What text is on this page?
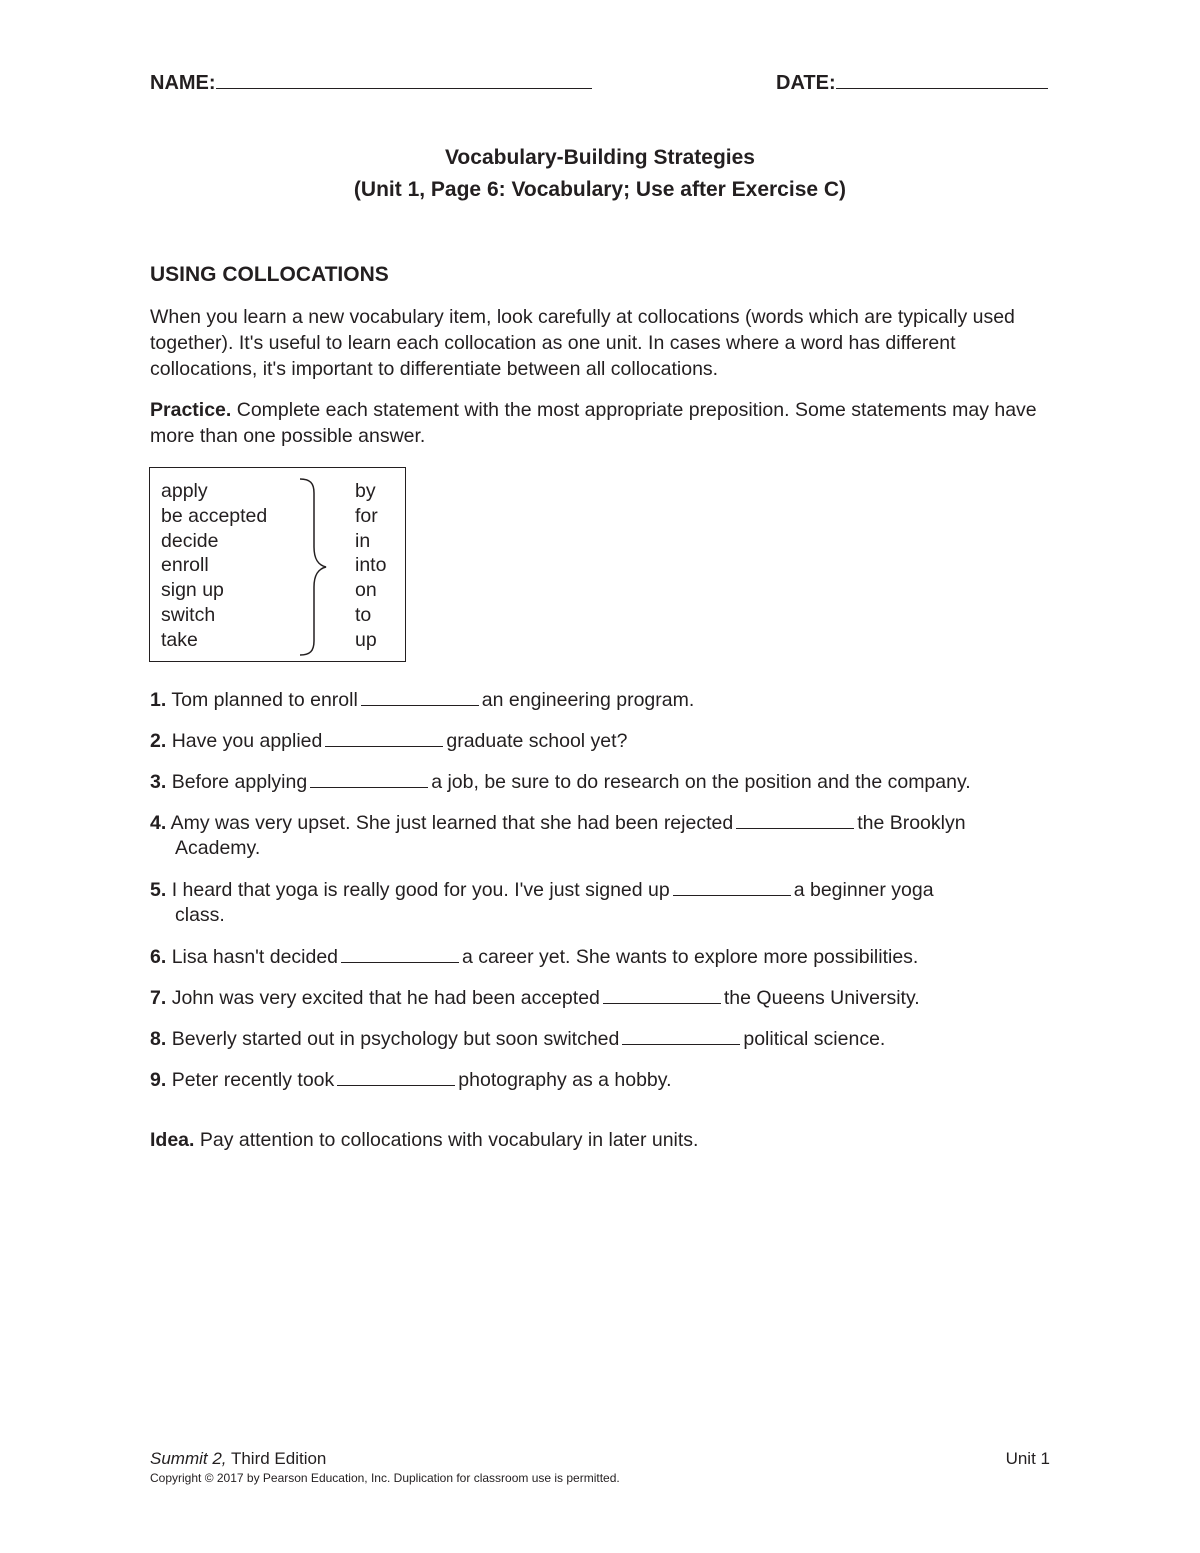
NAME:	DATE:
Vocabulary-Building Strategies
(Unit 1, Page 6: Vocabulary; Use after Exercise C)
USING COLLOCATIONS
When you learn a new vocabulary item, look carefully at collocations (words which are typically used together). It's useful to learn each collocation as one unit. In cases where a word has different collocations, it's important to differentiate between all collocations.
Practice. Complete each statement with the most appropriate preposition. Some statements may have more than one possible answer.
apply
be accepted
decide
enroll
sign up
switch
take
by
for
in
into
on
to
up
1. Tom planned to enroll	an engineering program.
2. Have you applied	graduate school yet?
3. Before applying	a job, be sure to do research on the position and the company.
4. Amy was very upset. She just learned that she had been rejected	the Brooklyn
Academy.
5. I heard that yoga is really good for you. I've just signed up	a beginner yoga
class.
6. Lisa hasn't decided	a career yet. She wants to explore more possibilities.
7. John was very excited that he had been accepted	the Queens University.
8. Beverly started out in psychology but soon switched	political science.
9. Peter recently took	photography as a hobby.
Idea. Pay attention to collocations with vocabulary in later units.
Summit 2, Third Edition	Unit 1
Copyright © 2017 by Pearson Education, Inc. Duplication for classroom use is permitted.
